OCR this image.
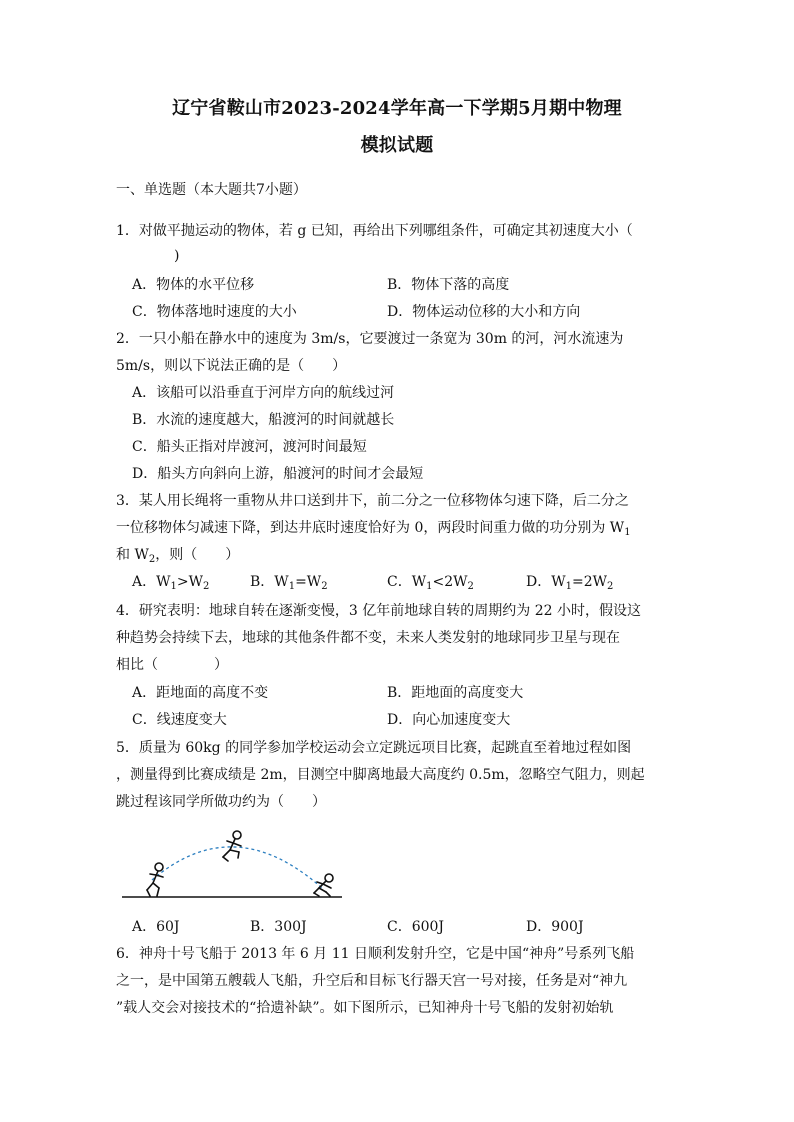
辽宁省鞍山市2023-2024学年高一下学期5月期中物理
模拟试题
一、单选题（本大题共7小题）
1．对做平抛运动的物体，若 g 已知，再给出下列哪组条件，可确定其初速度大小（
)
A．物体的水平位移	B．物体下落的高度
C．物体落地时速度的大小	D．物体运动位移的大小和方向
2．一只小船在静水中的速度为 3m/s，它要渡过一条宽为 30m 的河，河水流速为
5m/s，则以下说法正确的是（　　）
A．该船可以沿垂直于河岸方向的航线过河
B．水流的速度越大，船渡河的时间就越长
C．船头正指对岸渡河，渡河时间最短
D．船头方向斜向上游，船渡河的时间才会最短
3．某人用长绳将一重物从井口送到井下，前二分之一位移物体匀速下降，后二分之
一位移物体匀减速下降，到达井底时速度恰好为 0，两段时间重力做的功分别为 $W_1$
和 $W_2$，则（　　）
A．$W_1>W_2$	B．$W_1=W_2$	C．$W_1<2W_2$	D．$W_1=2W_2$
4．研究表明：地球自转在逐渐变慢，3 亿年前地球自转的周期约为 22 小时，假设这
种趋势会持续下去，地球的其他条件都不变，未来人类发射的地球同步卫星与现在
相比（　　　　）
A．距地面的高度不变	B．距地面的高度变大
C．线速度变大	D．向心加速度变大
5．质量为 60kg 的同学参加学校运动会立定跳远项目比赛，起跳直至着地过程如图
，测量得到比赛成绩是 2m，目测空中脚离地最大高度约 0.5m，忽略空气阻力，则起
跳过程该同学所做功约为（　　）
A．60J	B．300J	C．600J	D．900J
6．神舟十号飞船于 2013 年 6 月 11 日顺利发射升空，它是中国“神舟”号系列飞船
之一，是中国第五艘载人飞船，升空后和目标飞行器天宫一号对接，任务是对“神九
”载人交会对接技术的“拾遗补缺”。如下图所示，已知神舟十号飞船的发射初始轨
